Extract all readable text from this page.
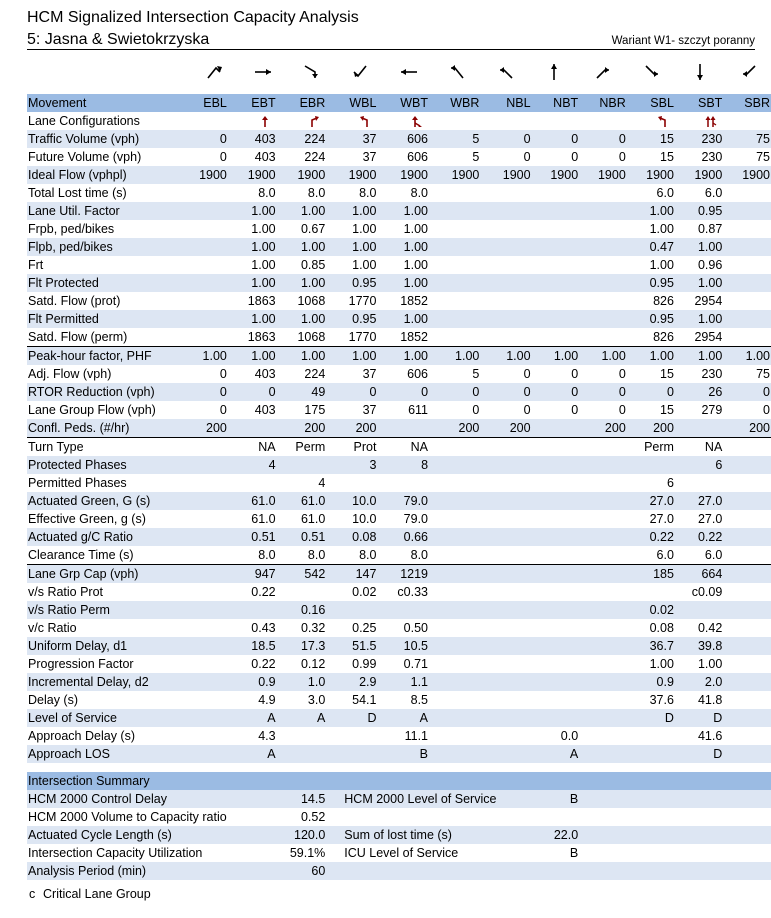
HCM Signalized Intersection Capacity Analysis
5: Jasna & Swietokrzyska	Wariant W1- szczyt poranny
Movement	EBL	EBT	EBR	WBL	WBT	WBR	NBL	NBT	NBR	SBL	SBT	SBR
Lane Configurations		

Traffic Volume (vph)	0	403	224	37	606	5	0	0	0	15	230	75
Future Volume (vph)	0	403	224	37	606	5	0	0	0	15	230	75
Ideal Flow (vphpl)	1900	1900	1900	1900	1900	1900	1900	1900	1900	1900	1900	1900
Total Lost time (s)		8.0	8.0	8.0	8.0					6.0	6.0	
Lane Util. Factor		1.00	1.00	1.00	1.00					1.00	0.95	
Frpb, ped/bikes		1.00	0.67	1.00	1.00					1.00	0.87	
Flpb, ped/bikes		1.00	1.00	1.00	1.00					0.47	1.00	
Frt		1.00	0.85	1.00	1.00					1.00	0.96	
Flt Protected		1.00	1.00	0.95	1.00					0.95	1.00	
Satd. Flow (prot)		1863	1068	1770	1852					826	2954	
Flt Permitted		1.00	1.00	0.95	1.00					0.95	1.00	
Satd. Flow (perm)		1863	1068	1770	1852					826	2954	
Peak-hour factor, PHF	1.00	1.00	1.00	1.00	1.00	1.00	1.00	1.00	1.00	1.00	1.00	1.00
Adj. Flow (vph)	0	403	224	37	606	5	0	0	0	15	230	75
RTOR Reduction (vph)	0	0	49	0	0	0	0	0	0	0	26	0
Lane Group Flow (vph)	0	403	175	37	611	0	0	0	0	15	279	0
Confl. Peds. (#/hr)	200		200	200		200	200		200	200		200
Turn Type		NA	Perm	Prot	NA					Perm	NA	
Protected Phases		4		3	8						6	
Permitted Phases			4							6		
Actuated Green, G (s)		61.0	61.0	10.0	79.0					27.0	27.0	
Effective Green, g (s)		61.0	61.0	10.0	79.0					27.0	27.0	
Actuated g/C Ratio		0.51	0.51	0.08	0.66					0.22	0.22	
Clearance Time (s)		8.0	8.0	8.0	8.0					6.0	6.0	
Lane Grp Cap (vph)		947	542	147	1219					185	664	
v/s Ratio Prot		0.22		0.02	c0.33						c0.09	
v/s Ratio Perm			0.16							0.02		
v/c Ratio		0.43	0.32	0.25	0.50					0.08	0.42	
Uniform Delay, d1		18.5	17.3	51.5	10.5					36.7	39.8	
Progression Factor		0.22	0.12	0.99	0.71					1.00	1.00	
Incremental Delay, d2		0.9	1.0	2.9	1.1					0.9	2.0	
Delay (s)		4.9	3.0	54.1	8.5					37.6	41.8	
Level of Service		A	A	D	A					D	D	
Approach Delay (s)		4.3			11.1			0.0			41.6	
Approach LOS		A			B			A			D	

Intersection Summary												
HCM 2000 Control Delay			14.5	HCM 2000 Level of Service				B				
HCM 2000 Volume to Capacity ratio			0.52									
Actuated Cycle Length (s)			120.0	Sum of lost time (s)				22.0				
Intersection Capacity Utilization			59.1%	ICU Level of Service				B				
Analysis Period (min)			60									
c Critical Lane Group
